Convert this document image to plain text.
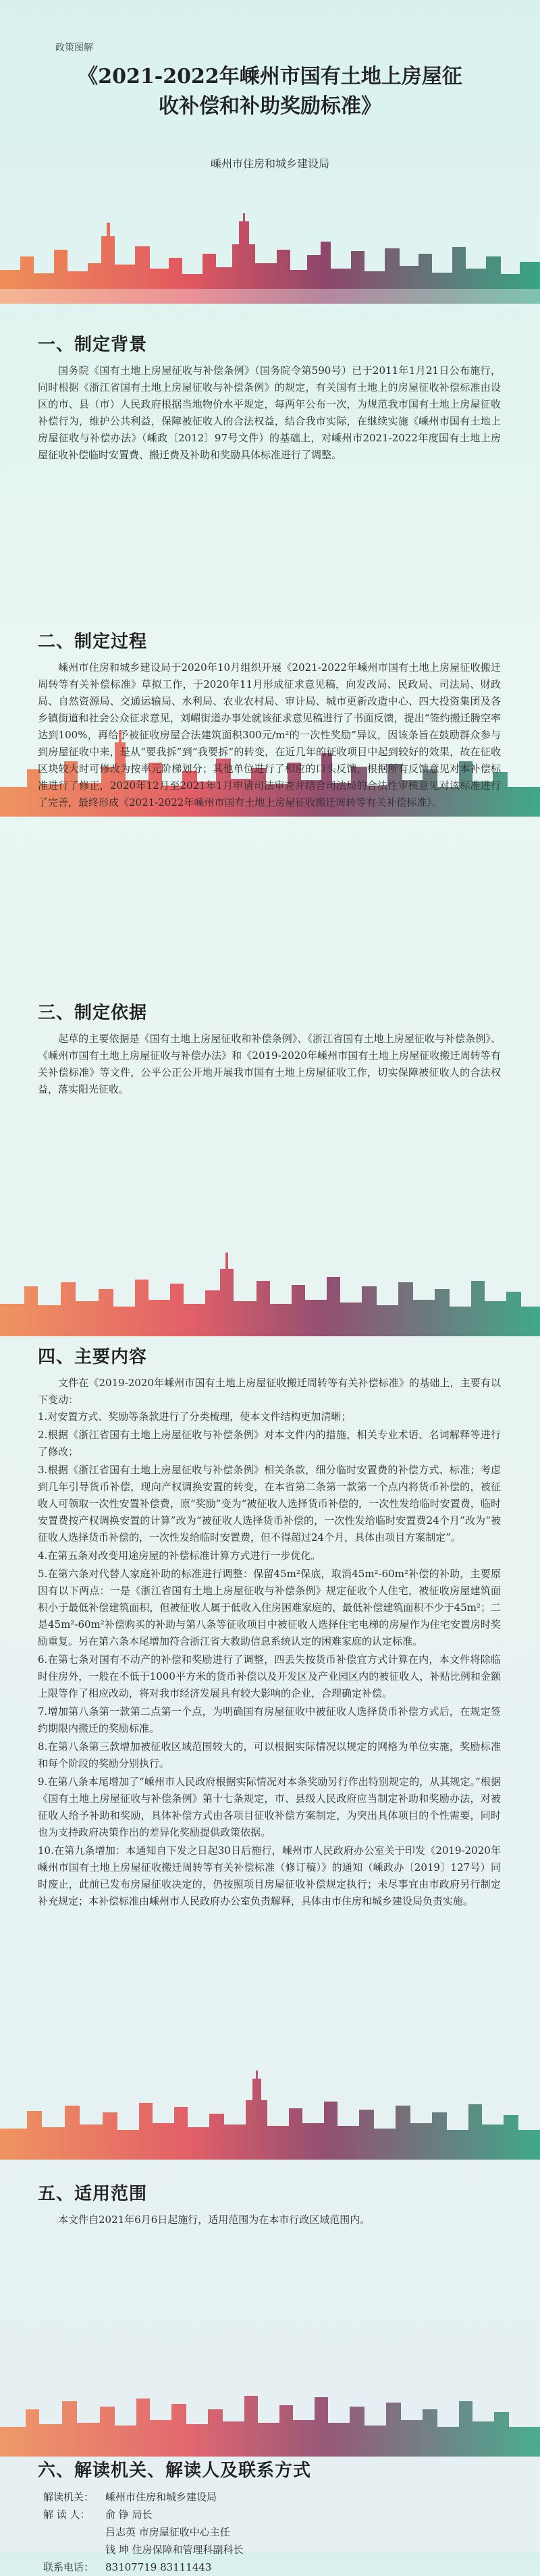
政策图解
《2021-2022年嵊州市国有土地上房屋征
收补偿和补助奖励标准》
嵊州市住房和城乡建设局
一、制定背景

国务院《国有土地上房屋征收与补偿条例》（国务院令第590号）已于2011年1月21日公布施行，同时根据《浙江省国有土地上房屋征收与补偿条例》的规定，有关国有土地上的房屋征收补偿标准由设区的市、县（市）人民政府根据当地物价水平规定，每两年公布一次，为规范我市国有土地上房屋征收补偿行为，维护公共利益，保障被征收人的合法权益，结合我市实际，在继续实施《嵊州市国有土地上房屋征收与补偿办法》（嵊政〔2012〕97号文件）的基础上，对嵊州市2021-2022年度国有土地上房屋征收补偿临时安置费、搬迁费及补助和奖励具体标准进行了调整。

二、制定过程

嵊州市住房和城乡建设局于2020年10月组织开展《2021-2022年嵊州市国有土地上房屋征收搬迁周转等有关补偿标准》草拟工作，于2020年11月形成征求意见稿，向发改局、民政局、司法局、财政局、自然资源局、交通运输局、水利局、农业农村局、审计局、城市更新改造中心、四大投资集团及各乡镇街道和社会公众征求意见，刘嵋街道办事处就该征求意见稿进行了书面反馈，提出“签约搬迁腾空率达到100%，再给予被征收房屋合法建筑面积300元/m²的一次性奖励”异议，因该条旨在鼓励群众参与到房屋征收中来，是从“要我拆”到“我要拆”的转变，在近几年的征收项目中起到较好的效果，故在征收区块较大时可修改为按率元阶梯划分；其他单位进行了相应的口头反馈，根据所有反馈意见对本补偿标准进行了修正，2020年12月至2021年1月申请司法审查并结合司法局的合法性审核意见对该标准进行了完善，最终形成《2021-2022年嵊州市国有土地上房屋征收搬迁周转等有关补偿标准》。

三、制定依据

起草的主要依据是《国有土地上房屋征收和补偿条例》、《浙江省国有土地上房屋征收与补偿条例》、《嵊州市国有土地上房屋征收与补偿办法》和《2019-2020年嵊州市国有土地上房屋征收搬迁周转等有关补偿标准》等文件，公平公正公开地开展我市国有土地上房屋征收工作，切实保障被征收人的合法权益，落实阳光征收。

四、主要内容

文件在《2019-2020年嵊州市国有土地上房屋征收搬迁周转等有关补偿标准》的基础上，主要有以下变动：

1.对安置方式、奖励等条款进行了分类梳理，使本文件结构更加清晰；
2.根据《浙江省国有土地上房屋征收与补偿条例》对本文件内的措施，相关专业术语、名词解释等进行了修改；
3.根据《浙江省国有土地上房屋征收与补偿条例》相关条款，细分临时安置费的补偿方式、标准；考虑到几年引导货币补偿，现向产权调换安置的转变，在本省第二条第一款第一个点内将货币补偿的，被征收人可领取一次性安置补偿费，原“奖励”变为“被征收人选择货币补偿的，一次性发给临时安置费，临时安置费按产权调换安置的计算”改为“被征收人选择货币补偿的，一次性发给临时安置费24个月”改为“被征收人选择货币补偿的，一次性发给临时安置费，但不得超过24个月，具体由项目方案制定”。
4.在第五条对改变用途房屋的补偿标准计算方式进行一步优化。
5.在第六条对代替人家庭补助的标准进行调整：保留45m²保底，取消45m²-60m²补偿的补助，主要原因有以下两点：一是《浙江省国有土地上房屋征收与补偿条例》规定征收个人住宅，被征收房屋建筑面积小于最低补偿建筑面积，但被征收人属于低收入住房困难家庭的，最低补偿建筑面积不少于45m²；二是45m²-60m²补偿购买的补助与第八条等征收项目中被征收人选择住宅电梯的房屋作为住宅安置房时奖励重复。另在第六条本尾增加符合浙江省大救助信息系统认定的困难家庭的认定标准。
6.在第七条对国有不动产的补偿和奖励进行了调整，四丢失按货币补偿宜方式计算在内，本文件将除临时住房外，一般在不低于1000平方米的货币补偿以及开发区及产业园区内的被征收人，补贴比例和金额上限等作了相应改动，将对我市经济发展具有较大影响的企业，合理确定补偿。
7.增加第八条第一款第二点第一个点，为明确国有房屋征收中被征收人选择货币补偿方式后，在规定签约期限内搬迁的奖励标准。
8.在第八条第三款增加被征收区域范围较大的，可以根据实际情况以规定的网格为单位实施，奖励标准和每个阶段的奖励分别执行。
9.在第八条本尾增加了“嵊州市人民政府根据实际情况对本条奖励另行作出特别规定的，从其规定。”根据《国有土地上房屋征收与补偿条例》第十七条规定，市、县级人民政府应当制定补助和奖励办法，对被征收人给予补助和奖励，具体补偿方式由各项目征收补偿方案制定，为突出具体项目的个性需要，同时也为支持政府决策作出的差异化奖励提供政策依据。
10.在第九条增加：本通知自下发之日起30日后施行，嵊州市人民政府办公室关于印发《2019-2020年嵊州市国有土地上房屋征收搬迁周转等有关补偿标准（修订稿）》的通知（嵊政办〔2019〕127号）同时废止，此前已发布房屋征收决定的，仍按照项目房屋征收补偿规定执行；未尽事宜由市政府另行制定补充规定；本补偿标准由嵊州市人民政府办公室负责解释，具体由市住房和城乡建设局负责实施。
五、适用范围

本文件自2021年6月6日起施行，适用范围为在本市行政区域范围内。

六、解读机关、解读人及联系方式
解读机关：	嵊州市住房和城乡建设局
解 读 人：	俞 铮 局长
吕志英 市房屋征收中心主任
钱 坤 住房保障和管理科副科长
联系电话：	83107719 83111443
